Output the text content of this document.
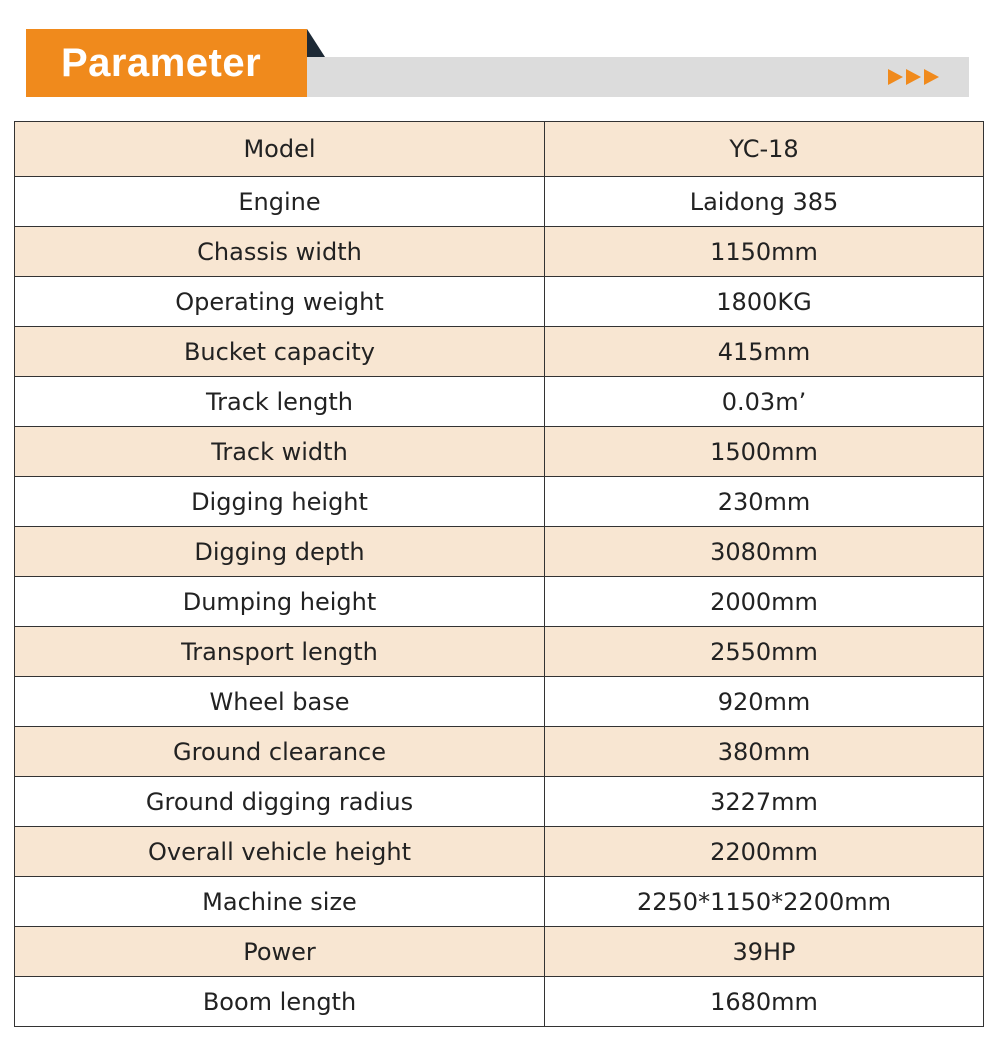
Parameter
Model	YC-18
Engine	Laidong 385
Chassis width	1150mm
Operating weight	1800KG
Bucket capacity	415mm
Track length	0.03m’
Track width	1500mm
Digging height	230mm
Digging depth	3080mm
Dumping height	2000mm
Transport length	2550mm
Wheel base	920mm
Ground clearance	380mm
Ground digging radius	3227mm
Overall vehicle height	2200mm
Machine size	2250*1150*2200mm
Power	39HP
Boom length	1680mm
